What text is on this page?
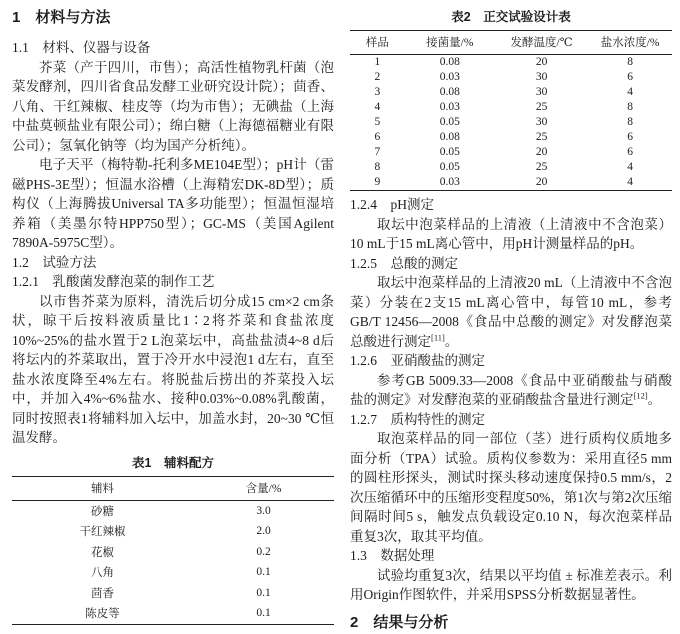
1　材料与方法
1.1　材料、仪器与设备

芥菜（产于四川，市售）；高活性植物乳杆菌（泡菜发酵剂，四川省食品发酵工业研究设计院）；茴香、八角、干红辣椒、桂皮等（均为市售）；无碘盐（上海中盐莫顿盐业有限公司）；绵白糖（上海德福糖业有限公司）；氢氧化钠等（均为国产分析纯）。

电子天平（梅特勒-托利多ME104E型）；pH计（雷磁PHS-3E型）；恒温水浴槽（上海精宏DK-8D型）；质构仪（上海腾拔Universal TA多功能型）；恒温恒湿培养箱（美墨尔特HPP750型）；GC-MS（美国Agilent 7890A-5975C型）。

1.2　试验方法
1.2.1　乳酸菌发酵泡菜的制作工艺

以市售芥菜为原料，清洗后切分成15 cm×2 cm条状，晾干后按料液质量比1∶2将芥菜和食盐浓度10%~25%的盐水置于2 L泡菜坛中，高盐盐渍4~8 d后将坛内的芥菜取出，置于冷开水中浸泡1 d左右，直至盐水浓度降至4%左右。将脱盐后捞出的芥菜投入坛中，并加入4%~6%盐水、接种0.03%~0.08%乳酸菌，同时按照表1将辅料加入坛中，加盖水封，20~30 ℃恒温发酵。

表1　辅料配方
辅料	含量/%
砂糖	3.0
干红辣椒	2.0
花椒	0.2
八角	0.1
茴香	0.1
陈皮等	0.1
表2　正交试验设计表
样品	接菌量/%	发酵温度/℃	盐水浓度/%
1	0.08	20	8
2	0.03	30	6
3	0.08	30	4
4	0.03	25	8
5	0.05	30	8
6	0.08	25	6
7	0.05	20	6
8	0.05	25	4
9	0.03	20	4
1.2.4　pH测定

取坛中泡菜样品的上清液（上清液中不含泡菜）10 mL于15 mL离心管中，用pH计测量样品的pH。

1.2.5　总酸的测定

取坛中泡菜样品的上清液20 mL（上清液中不含泡菜）分装在2支15 mL离心管中，每管10 mL，参考GB/T 12456—2008《食品中总酸的测定》对发酵泡菜总酸进行测定[11]。

1.2.6　亚硝酸盐的测定

参考GB 5009.33—2008《食品中亚硝酸盐与硝酸盐的测定》对发酵泡菜的亚硝酸盐含量进行测定[12]。

1.2.7　质构特性的测定

取泡菜样品的同一部位（茎）进行质构仪质地多面分析（TPA）试验。质构仪参数为：采用直径5 mm的圆柱形探头，测试时探头移动速度保持0.5 mm/s，2次压缩循环中的压缩形变程度50%，第1次与第2次压缩间隔时间5 s，触发点负载设定0.10 N，每次泡菜样品重复3次，取其平均值。

1.3　数据处理

试验均重复3次，结果以平均值 ± 标准差表示。利用Origin作图软件，并采用SPSS分析数据显著性。

2　结果与分析
